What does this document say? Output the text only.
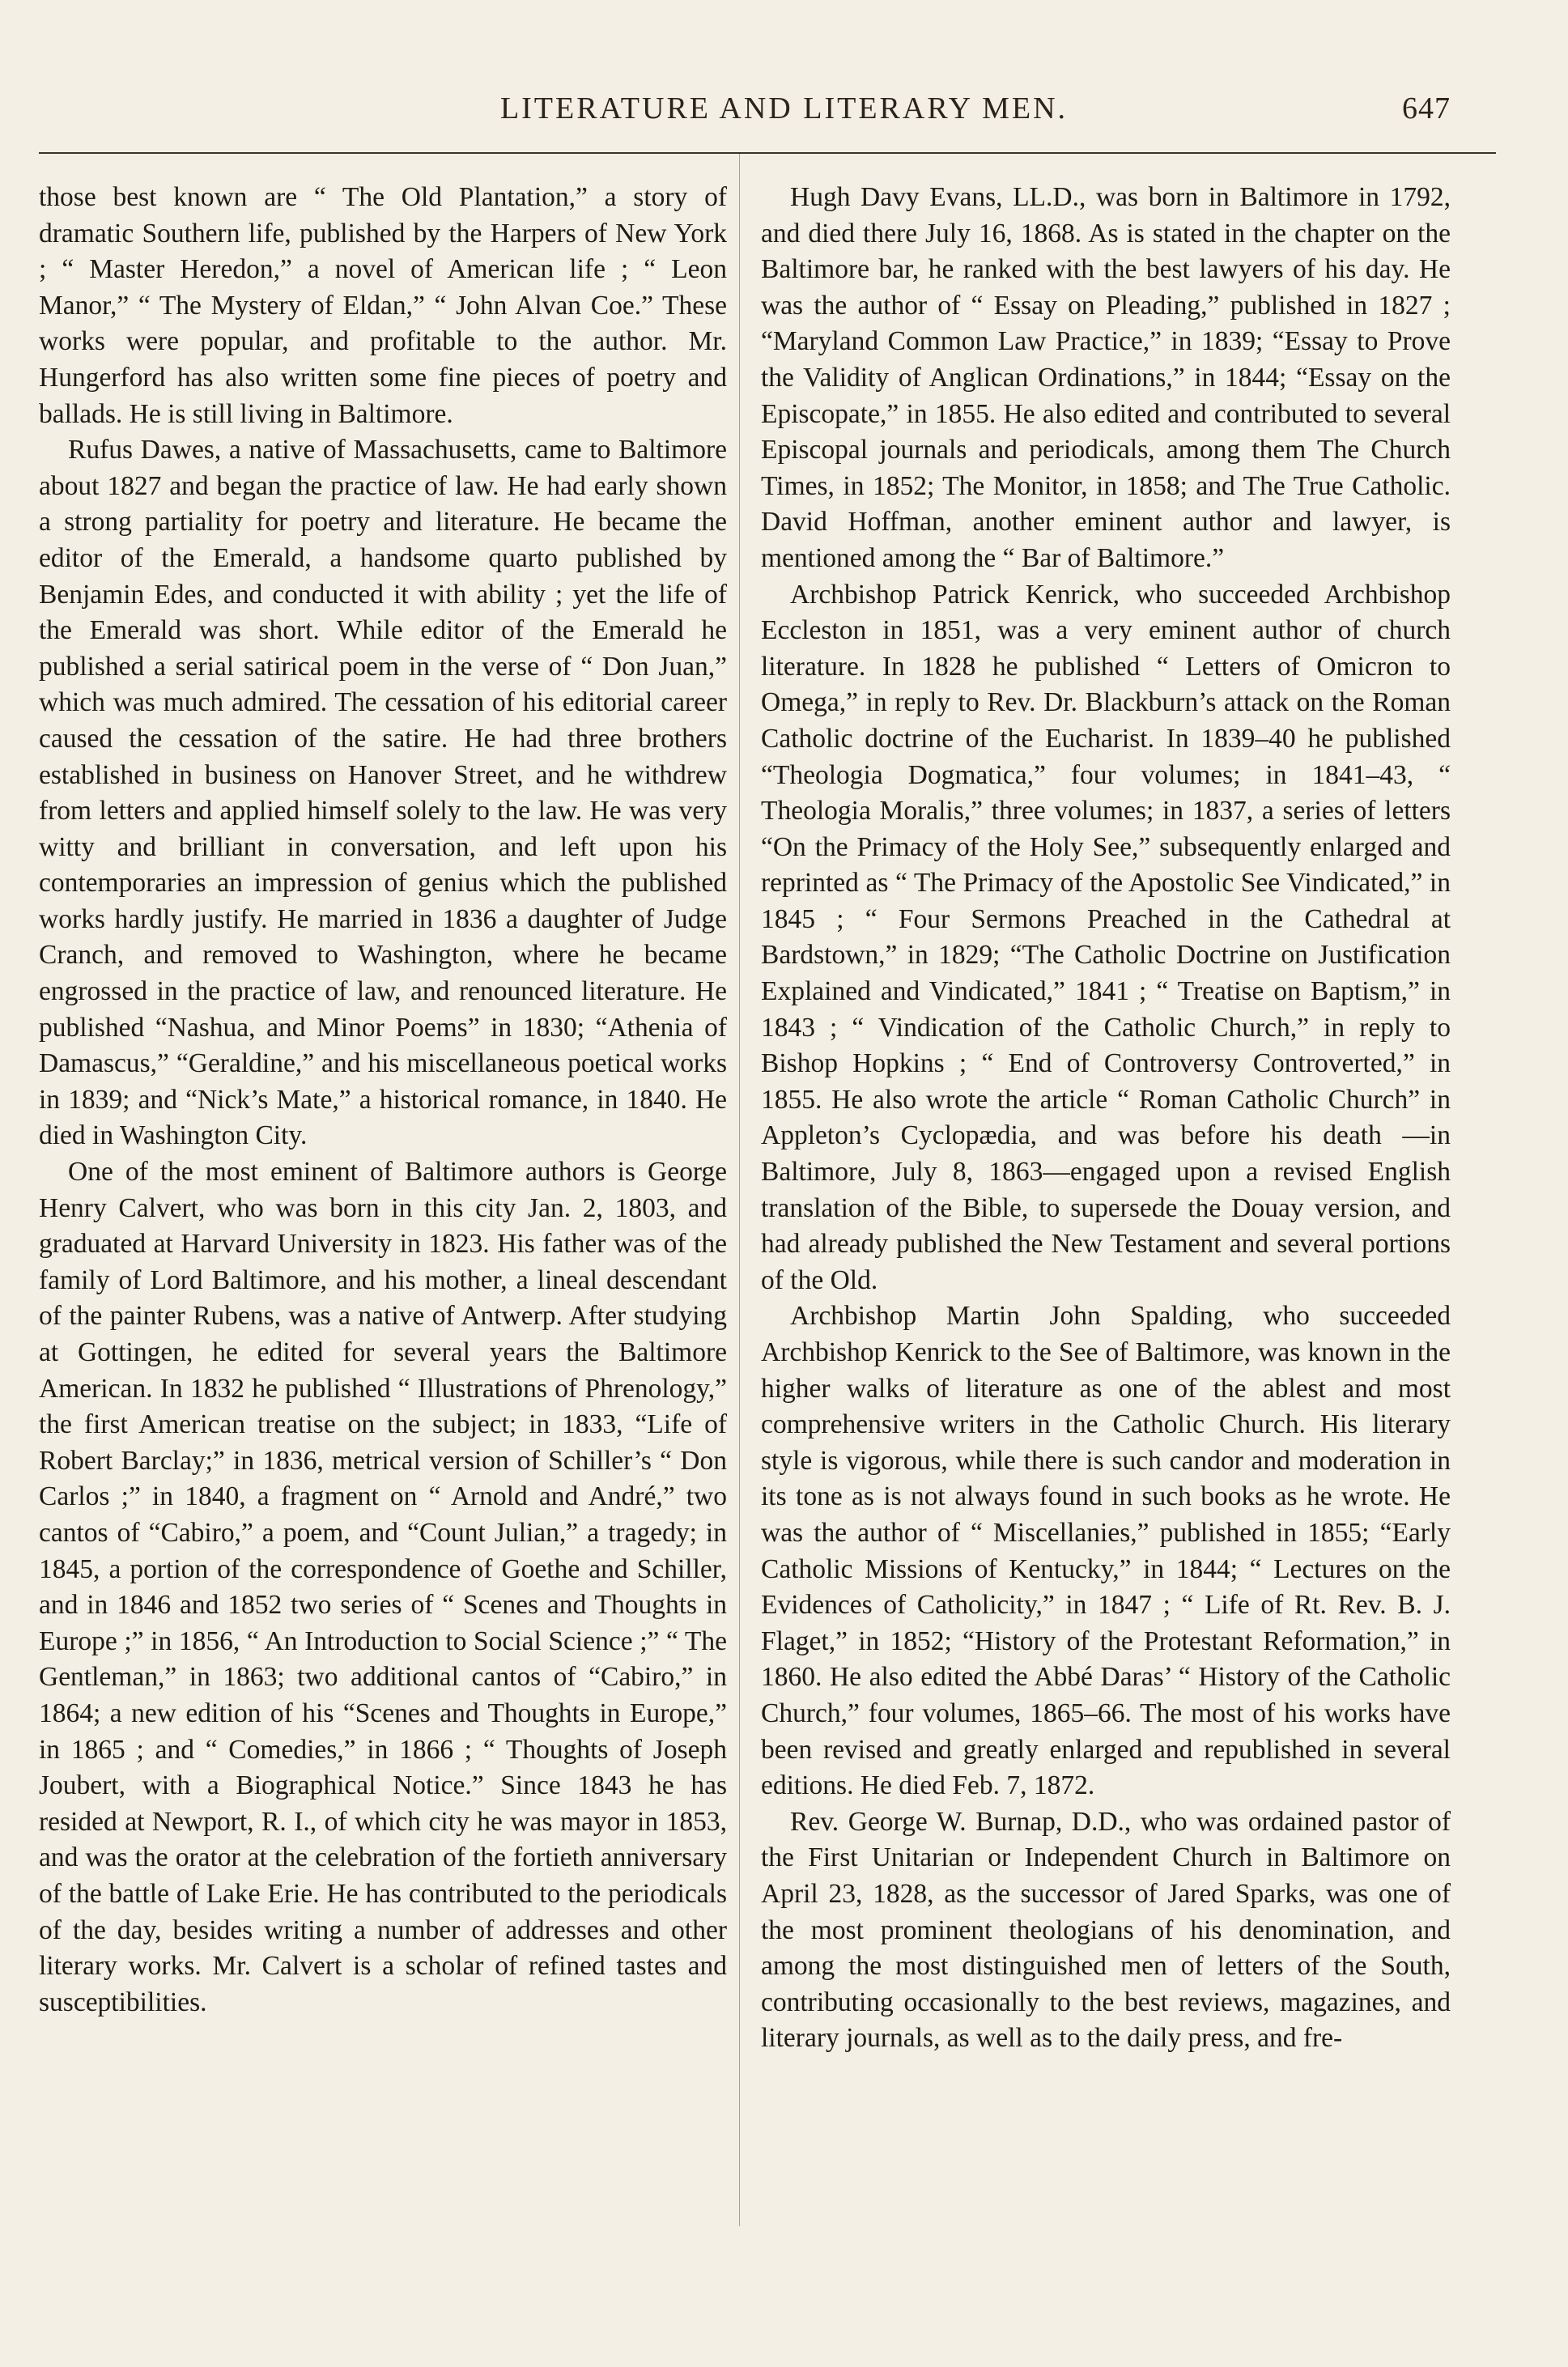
LITERATURE AND LITERARY MEN.	647

those best known are “ The Old Plantation,” a story of dramatic Southern life, published by the Harpers of New York ; “ Master Heredon,” a novel of American life ; “ Leon Manor,” “ The Mystery of Eldan,” “ John Alvan Coe.” These works were popular, and profitable to the author. Mr. Hungerford has also written some fine pieces of poetry and ballads. He is still living in Baltimore.

Rufus Dawes, a native of Massachusetts, came to Baltimore about 1827 and began the practice of law. He had early shown a strong partiality for poetry and literature. He became the editor of the Emerald, a handsome quarto published by Benjamin Edes, and conducted it with ability ; yet the life of the Emerald was short. While editor of the Emerald he published a serial satirical poem in the verse of “ Don Juan,” which was much admired. The cessation of his editorial career caused the cessation of the satire. He had three brothers established in business on Hanover Street, and he withdrew from letters and applied himself solely to the law. He was very witty and brilliant in conversation, and left upon his contemporaries an impression of genius which the published works hardly justify. He married in 1836 a daughter of Judge Cranch, and removed to Washington, where he became engrossed in the practice of law, and renounced literature. He published “Nashua, and Minor Poems” in 1830; “Athenia of Damascus,” “Geraldine,” and his miscellaneous poetical works in 1839; and “Nick’s Mate,” a historical romance, in 1840. He died in Washington City.

One of the most eminent of Baltimore authors is George Henry Calvert, who was born in this city Jan. 2, 1803, and graduated at Harvard University in 1823. His father was of the family of Lord Baltimore, and his mother, a lineal descendant of the painter Rubens, was a native of Antwerp. After studying at Gottingen, he edited for several years the Baltimore American. In 1832 he published “ Illustrations of Phrenology,” the first American treatise on the subject; in 1833, “Life of Robert Barclay;” in 1836, metrical version of Schiller’s “ Don Carlos ;” in 1840, a fragment on “ Arnold and André,” two cantos of “Cabiro,” a poem, and “Count Julian,” a tragedy; in 1845, a portion of the correspondence of Goethe and Schiller, and in 1846 and 1852 two series of “ Scenes and Thoughts in Europe ;” in 1856, “ An Introduction to Social Science ;” “ The Gentleman,” in 1863; two additional cantos of “Cabiro,” in 1864; a new edition of his “Scenes and Thoughts in Europe,” in 1865 ; and “ Comedies,” in 1866 ; “ Thoughts of Joseph Joubert, with a Biographical Notice.” Since 1843 he has resided at Newport, R. I., of which city he was mayor in 1853, and was the orator at the celebration of the fortieth anniversary of the battle of Lake Erie. He has contributed to the periodicals of the day, besides writing a number of addresses and other literary works. Mr. Calvert is a scholar of refined tastes and susceptibilities.

Hugh Davy Evans, LL.D., was born in Baltimore in 1792, and died there July 16, 1868. As is stated in the chapter on the Baltimore bar, he ranked with the best lawyers of his day. He was the author of “ Essay on Pleading,” published in 1827 ; “Maryland Common Law Practice,” in 1839; “Essay to Prove the Validity of Anglican Ordinations,” in 1844; “Essay on the Episcopate,” in 1855. He also edited and contributed to several Episcopal journals and periodicals, among them The Church Times, in 1852; The Monitor, in 1858; and The True Catholic. David Hoffman, another eminent author and lawyer, is mentioned among the “ Bar of Baltimore.”

Archbishop Patrick Kenrick, who succeeded Archbishop Eccleston in 1851, was a very eminent author of church literature. In 1828 he published “ Letters of Omicron to Omega,” in reply to Rev. Dr. Blackburn’s attack on the Roman Catholic doctrine of the Eucharist. In 1839–40 he published “Theologia Dogmatica,” four volumes; in 1841–43, “ Theologia Moralis,” three volumes; in 1837, a series of letters “On the Primacy of the Holy See,” subsequently enlarged and reprinted as “ The Primacy of the Apostolic See Vindicated,” in 1845 ; “ Four Sermons Preached in the Cathedral at Bardstown,” in 1829; “The Catholic Doctrine on Justification Explained and Vindicated,” 1841 ; “ Treatise on Baptism,” in 1843 ; “ Vindication of the Catholic Church,” in reply to Bishop Hopkins ; “ End of Controversy Controverted,” in 1855. He also wrote the article “ Roman Catholic Church” in Appleton’s Cyclopædia, and was before his death —in Baltimore, July 8, 1863—engaged upon a revised English translation of the Bible, to supersede the Douay version, and had already published the New Testament and several portions of the Old.

Archbishop Martin John Spalding, who succeeded Archbishop Kenrick to the See of Baltimore, was known in the higher walks of literature as one of the ablest and most comprehensive writers in the Catholic Church. His literary style is vigorous, while there is such candor and moderation in its tone as is not always found in such books as he wrote. He was the author of “ Miscellanies,” published in 1855; “Early Catholic Missions of Kentucky,” in 1844; “ Lectures on the Evidences of Catholicity,” in 1847 ; “ Life of Rt. Rev. B. J. Flaget,” in 1852; “History of the Protestant Reformation,” in 1860. He also edited the Abbé Daras’ “ History of the Catholic Church,” four volumes, 1865–66. The most of his works have been revised and greatly enlarged and republished in several editions. He died Feb. 7, 1872.

Rev. George W. Burnap, D.D., who was ordained pastor of the First Unitarian or Independent Church in Baltimore on April 23, 1828, as the successor of Jared Sparks, was one of the most prominent theologians of his denomination, and among the most distinguished men of letters of the South, contributing occasionally to the best reviews, magazines, and literary journals, as well as to the daily press, and fre-
